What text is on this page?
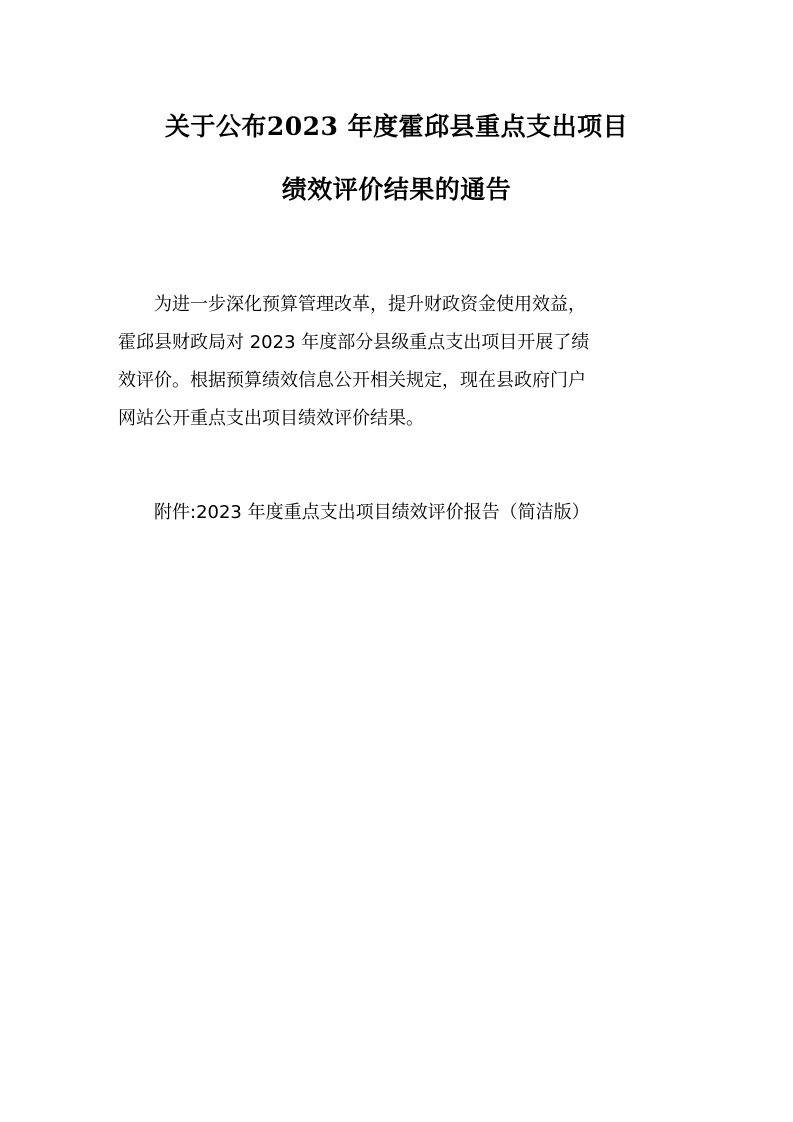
关于公布2023 年度霍邱县重点支出项目
绩效评价结果的通告
　　为进一步深化预算管理改革，提升财政资金使用效益，
霍邱县财政局对 2023 年度部分县级重点支出项目开展了绩
效评价。根据预算绩效信息公开相关规定，现在县政府门户
网站公开重点支出项目绩效评价结果。
　　附件:2023 年度重点支出项目绩效评价报告（简洁版）
